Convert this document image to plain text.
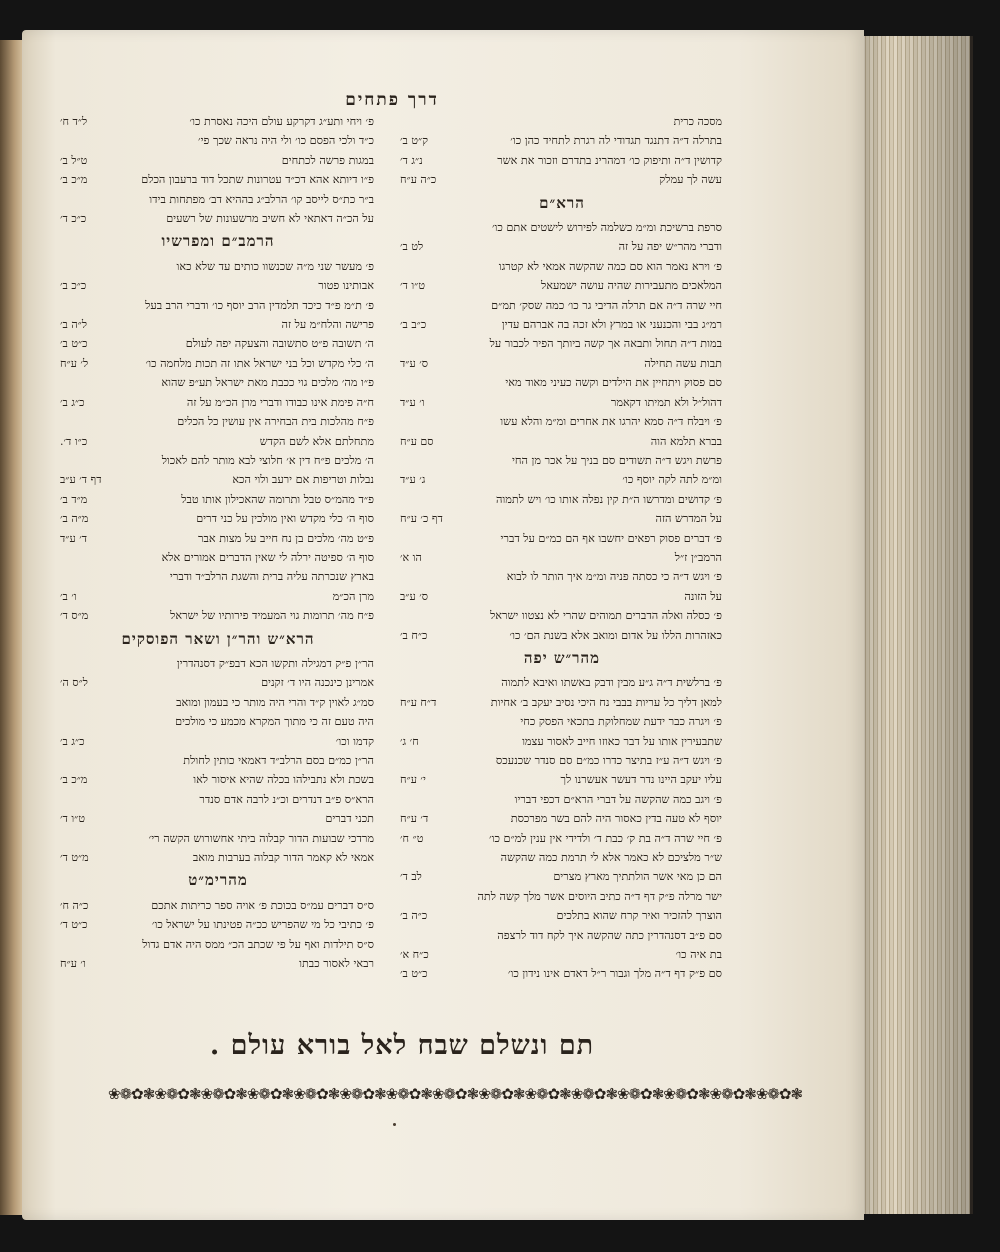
דרך פתחים
מסכה כרית
בתרלה ד״ה דתנגד תגדודי לה רגרת לתחיד כהן כו׳
ק״ט ב׳
קדושין ד״ה ותיפוק כו׳ דמהרינ בתדרם וזכור את אשר
נ״ג ד׳
עשה לך עמלק
כ״ה ע״ח
הרא״ם
סרפת ברשיכת ומ״מ כשלמה לפירוש לישטים אתם כו׳
ודברי מהר״ש יפה על זה
לט ב׳
פ׳ וירא נאמר הוא סם כמה שהקשה אמאי לא קטרגו
המלאכים מתעבירות שהיה עושה ישמעאל
ט״ו ד׳
חיי שרה ד״ה אם תרלה הדיבי גר כו׳ כמה שסק׳ תמ״ם
רמ״ג בבי והכנעני או במרץ ולא זכה בה אברהם עדין
כ״ב ב׳
במות ד״ה תחול ותבאה אך קשה ביותך הפיר לכבור על
תבות עשה תחילה
ס׳ ע״ד
סם פסוק ויתחיין את הילדים וקשה כעיני מאוד מאי
דהול״ל ולא תמיתו דקאמר
ו׳ ע״ד
פ׳ ויבלח ד״ה סמא יהרגו את אחרים ומ״מ והלא עשו
בברא תלמא הוה
סם ע״ח
פרשת ויגש ד״ה תשודים סם בניך על אכר מן החי
ומ״מ לתה לקה יוסף כו׳
ג׳ ע״ד
פ׳ קדושים ומדרשו ה״ת קין נפלה אותו כו׳ ויש לתמוה
על המדרש הזה
דף כ׳ ע״ח
פ׳ דברים פסוק רפאים יחשבו אף הם כמ״ם על דברי
הרמב״ן ז״ל
הו א׳
פ׳ ויגש ד״ה כי כסתה פניה ומ״מ איך הותר לו לבוא
על הזונה
ס׳ ע״ב
פ׳ כסלה ואלה הדברים תמוהים שהרי לא נצטוו ישראל
כאזהרות הללו על אדום ומואב אלא בשנת הם׳ כו׳
כ״ח ב׳
מהר״ש יפה
פ׳ ברלשית ד״ה ג״ע מבין ודבק באשתו ואיבא לתמוה
למאן דליך כל עריות בבבי נח היכי נסיב יעקב ב׳ אחיות
ד״ח ע״ח
פ׳ ויגרה כבר ידעת שמחלוקת בתכאי הפסק כחי
שתבעירין אותו על דבר כאוזו חייב לאסור עצמו
ח׳ ג׳
פ׳ ויגש ד״ה ע״ז בתיצר כדרו כמ״ם סם סנדר שכנעכס
עליו יעקב היינו נדר דעשר אעשרנו לך
י׳ ע״ח
פ׳ ויגב כמה שהקשה על דברי הרא״ם דכפי דבריו
יוסף לא טעה בדין כאסור היה להם בשר מפרכסת
ד׳ ע״ח
פ׳ חיי שרה ד״ה בת ק׳ כבת ד׳ ולדידי אין ענין למ״ם כו׳
ט״ ח׳
ש״ר מלציכם לא כאמר אלא לי תרמת כמה שהקשה
הם כן מאי אשר הולתתיך מארץ מצרים
לב ד׳
ישר מרלה פ״ק דף ד״ה כתיב היוסים אשר מלך קשה לתה
הוצרך להזכיר ואיר קרח שהוא בתלכים
כ״ה ב׳
סם פ״ב דסנהדרין כתה שהקשה איך לקח דוד לרצפה
בת איה כו׳
כ״ח א׳
סם פ״ק דף ד״ה מלך וגבור ר״ל דאדם אינו נידון כו׳
כ״ט ב׳
פ׳ ויחי ותע״ג דקרקע עולם היכה נאסרת כו׳
ל״ד ח׳
כ״ד ולכי הפסם כו׳ ולי היה נראה שכך פי׳
במגות פרשה לכתחים
ט״ל ב׳
פ״ו דיותא אהא דכ״ד עטרונות שתכל דוד ברעבון הכלם
מ״כ ב׳
ב״ר כת״ס לייסב קו׳ הרלב״ג בההיא דב׳ מפתחות בידו
על הכ״ה דאתאי לא חשיב מרשעונות של רשעים
כ״כ ד׳
הרמב״ם ומפרשיו
פ׳ מעשר שני מ״ה שכנשוו כותים עד שלא כאו
אבותינו פטור
כ״כ ב׳
פ׳ ת״מ פ״ד כיכד תלמדין הרב יוסף כו׳ ודברי הרב בעל
פרישה והלח״מ על זה
ל״ה ב׳
ה׳ תשובה פ״ט סתשובה והצעקה יפה לעולם
כ״ט ב׳
ה׳ כלי מקדש וכל בני ישראל אתו זה תכות מלחמה כו׳
ל׳ ע״ח
פ״ו מה׳ מלכים גוי ככבת מאת ישראל תע״פ שהוא
ח״ה פימת אינו כבודו ודברי מרן הכ״מ על זה
כ״ג ב׳
פ״ח מהלכות בית הבחירה אין עושין כל הכלים
מתחלתם אלא לשם הקדש
כ״ו ד׳.
ה׳ מלכים פ״ח דין א׳ חלוצי לבא מותר להם לאכול
נבלות וטריפות אם ירעב ולוי הכא
דף ד׳ ע״ב
פ״ד מהמ״ס טבל ותרומה שהאכילון אותו טבל
מ״ד ב׳
סוף ה׳ כלי מקדש ואין מולכין על כני דרים
מ״ה ב׳
פ״ט מה׳ מלכים בן נח חייב על מצות אבר
ד׳ ע״ד
סוף ה׳ ספיטה ירלה לי שאין הדברים אמורים אלא
בארץ שנכרתה עליה ברית והשגת הרלב״ד ודברי
מרן הכ״מ
ו׳ ב׳
פ״ח מה׳ תרומות גוי המעמיד פירותיו של ישראל
מ״ס ד׳
הרא״ש והר״ן ושאר הפוסקים
הר״ן פ״ק דמגילה ותקשו הכא דבפ״ק דסנהדרין
אמרינן כינכנה היו ד׳ זקנים
ל״ס ה׳
סמ״ג לאוין ק״ד והרי היה מותר כי בעמון ומואב
היה טעם זה כי מתוך המקרא מכמע כי מולכים
קדמו וכו׳
כ״ג ב׳
הר״ן כמ״ם בסם הרלב״ד דאמאי כותין לחולת
בשכת ולא נתבילהו בכלה שהיא איסור לאו
מ״כ ב׳
הרא״ס פ״ב דנדרים וכ״נ לרבה אדם סנדר
תכני דברים
ט״ו ד׳
מרדכי שבועות הדור קבלוה ביתי אחשורוש הקשה רי׳
אמאי לא קאמר הדור קבלוה בערבות מואב
מ״ט ד׳
מהרימ״ט
ס״ס דברים עמ״ס בכוכת פ׳ אויה ספר כריתות אתכם
כ״ה ח׳
פ׳ כתיבי כל מי שהפריש ככ״ה פטינתו על ישראל כו׳
כ״ט ד׳
ס״ס תילדות ואף על פי שכתב הכ״ ממס היה אדם גדול
רבאי לאסור כבתו
ו׳ ע״ח
תם ונשלם שבח לאל בורא עולם .
❀❁✿❃❀❁✿❃❀❁✿❃❀❁✿❃❀❁✿❃❀❁✿❃❀❁✿❃❀❁✿❃❀❁✿❃❀❁✿❃❀❁✿❃❀❁✿❃❀❁✿❃❀❁✿❃❀❁✿❃
